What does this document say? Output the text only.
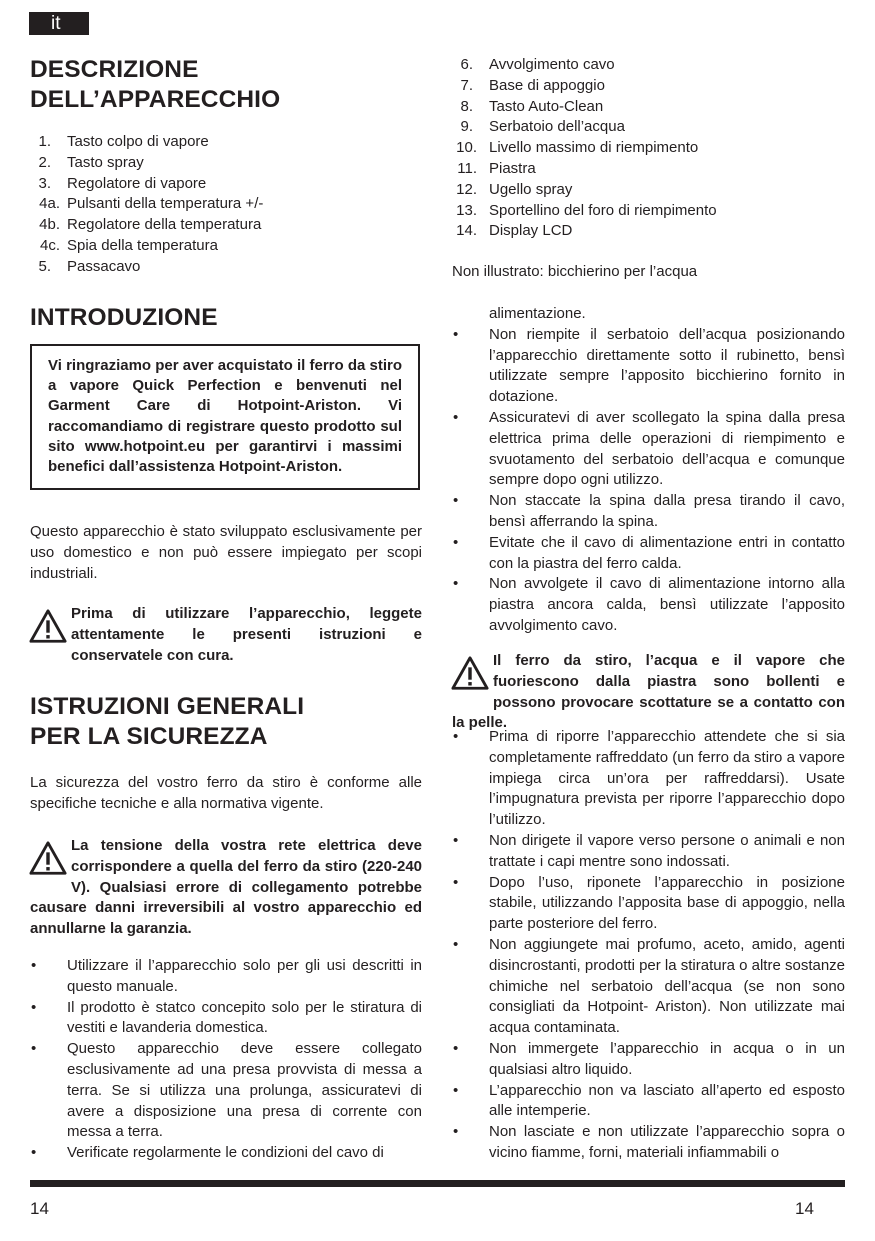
it
DESCRIZIONE
DELL’APPARECCHIO
1.	Tasto colpo di vapore
2.	Tasto spray
3.	Regolatore di vapore
4a. Pulsanti della temperatura +/-
4b. Regolatore della temperatura
4c. Spia della temperatura
5.	Passacavo
INTRODUZIONE
Vi ringraziamo per aver acquistato il ferro da stiro a vapore Quick Perfection e benvenuti nel Garment Care di Hotpoint-Ariston. Vi raccomandiamo di registrare questo prodotto sul sito www.hotpoint.eu per garantirvi i massimi benefici dall’assistenza Hotpoint-Ariston.

Questo apparecchio è stato sviluppato esclusivamente per uso domestico e non può essere impiegato per scopi industriali.

Prima di utilizzare l’apparecchio, leggete attentamente le presenti istruzioni e conservatele con cura.
ISTRUZIONI GENERALI
PER LA SICUREZZA

La sicurezza del vostro ferro da stiro è conforme alle specifiche tecniche e alla normativa vigente.

La tensione della vostra rete elettrica deve corrispondere a quella del ferro da stiro (220-240 V). Qualsiasi errore di collegamento potrebbe causare danni irreversibili al vostro apparecchio ed annullarne la garanzia.
• Utilizzare il l’apparecchio solo per gli usi descritti in questo manuale.
• Il prodotto è statco concepito solo per le stiratura di vestiti e lavanderia domestica.
• Questo apparecchio deve essere collegato esclusivamente ad una presa provvista di messa a terra. Se si utilizza una prolunga, assicuratevi di avere a disposizione una presa di corrente con messa a terra.
• Verificate regolarmente le condizioni del cavo di
6.	Avvolgimento cavo
7.	Base di appoggio
8.	Tasto Auto-Clean
9.	Serbatoio dell’acqua
10. Livello massimo di riempimento
11. Piastra
12. Ugello spray
13. Sportellino del foro di riempimento
14. Display LCD

Non illustrato: bicchierino per l’acqua

alimentazione.
• Non riempite il serbatoio dell’acqua posizionando l’apparecchio direttamente sotto il rubinetto, bensì utilizzate sempre l’apposito bicchierino fornito in dotazione.
• Assicuratevi di aver scollegato la spina dalla presa elettrica prima delle operazioni di riempimento e svuotamento del serbatoio dell’acqua e comunque sempre dopo ogni utilizzo.
• Non staccate la spina dalla presa tirando il cavo, bensì afferrando la spina.
• Evitate che il cavo di alimentazione entri in contatto con la piastra del ferro calda.
• Non avvolgete il cavo di alimentazione intorno alla piastra ancora calda, bensì utilizzate l’apposito avvolgimento cavo.
Il ferro da stiro, l’acqua e il vapore che fuoriescono dalla piastra sono bollenti e possono provocare scottature se a contatto con la pelle.
• Prima di riporre l’apparecchio attendete che si sia completamente raffreddato (un ferro da stiro a vapore impiega circa un’ora per raffreddarsi). Usate l’impugnatura prevista per riporre l’apparecchio dopo l’utilizzo.
• Non dirigete il vapore verso persone o animali e non trattate i capi mentre sono indossati.
• Dopo l’uso, riponete l’apparecchio in posizione stabile, utilizzando l’apposita base di appoggio, nella parte posteriore del ferro.
• Non aggiungete mai profumo, aceto, amido, agenti disincrostanti, prodotti per la stiratura o altre sostanze chimiche nel serbatoio dell’acqua (se non sono consigliati da Hotpoint- Ariston). Non utilizzate mai acqua contaminata.
• Non immergete l’apparecchio in acqua o in un qualsiasi altro liquido.
• L’apparecchio non va lasciato all’aperto ed esposto alle intemperie.
• Non lasciate e non utilizzate l’apparecchio sopra o vicino fiamme, forni, materiali infiammabili o
14	14
